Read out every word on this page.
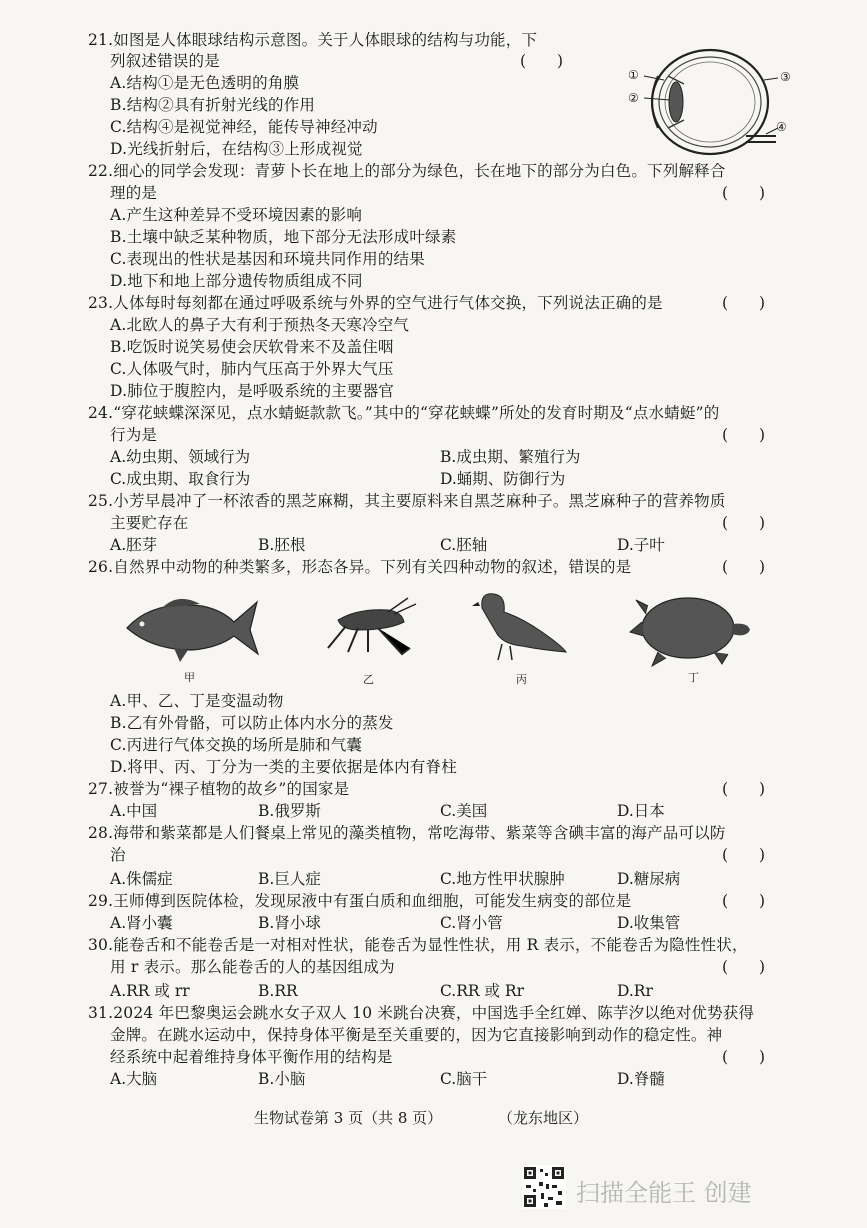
21.如图是人体眼球结构示意图。关于人体眼球的结构与功能，下
列叙述错误的是	(　　)
A.结构①是无色透明的角膜
B.结构②具有折射光线的作用
C.结构④是视觉神经，能传导神经冲动
D.光线折射后，在结构③上形成视觉
①
②
③
④
22.细心的同学会发现：青萝卜长在地上的部分为绿色，长在地下的部分为白色。下列解释合
理的是	(　　)
A.产生这种差异不受环境因素的影响
B.土壤中缺乏某种物质，地下部分无法形成叶绿素
C.表现出的性状是基因和环境共同作用的结果
D.地下和地上部分遗传物质组成不同
23.人体每时每刻都在通过呼吸系统与外界的空气进行气体交换，下列说法正确的是	(　　)
A.北欧人的鼻子大有利于预热冬天寒冷空气
B.吃饭时说笑易使会厌软骨来不及盖住咽
C.人体吸气时，肺内气压高于外界大气压
D.肺位于腹腔内，是呼吸系统的主要器官
24.“穿花蛱蝶深深见，点水蜻蜓款款飞。”其中的“穿花蛱蝶”所处的发育时期及“点水蜻蜓”的
行为是	(　　)
A.幼虫期、领域行为	B.成虫期、繁殖行为
C.成虫期、取食行为	D.蛹期、防御行为
25.小芳早晨冲了一杯浓香的黑芝麻糊，其主要原料来自黑芝麻种子。黑芝麻种子的营养物质
主要贮存在	(　　)
A.胚芽	B.胚根	C.胚轴	D.子叶
26.自然界中动物的种类繁多，形态各异。下列有关四种动物的叙述，错误的是	(　　)
甲	乙	丙	丁
A.甲、乙、丁是变温动物
B.乙有外骨骼，可以防止体内水分的蒸发
C.丙进行气体交换的场所是肺和气囊
D.将甲、丙、丁分为一类的主要依据是体内有脊柱
27.被誉为“裸子植物的故乡”的国家是	(　　)
A.中国	B.俄罗斯	C.美国	D.日本
28.海带和紫菜都是人们餐桌上常见的藻类植物，常吃海带、紫菜等含碘丰富的海产品可以防
治	(　　)
A.侏儒症	B.巨人症	C.地方性甲状腺肿	D.糖尿病
29.王师傅到医院体检，发现尿液中有蛋白质和血细胞，可能发生病变的部位是	(　　)
A.肾小囊	B.肾小球	C.肾小管	D.收集管
30.能卷舌和不能卷舌是一对相对性状，能卷舌为显性性状，用 R 表示，不能卷舌为隐性性状，
用 r 表示。那么能卷舌的人的基因组成为	(　　)
A.RR 或 rr	B.RR	C.RR 或 Rr	D.Rr
31.2024 年巴黎奥运会跳水女子双人 10 米跳台决赛，中国选手全红婵、陈芋汐以绝对优势获得
金牌。在跳水运动中，保持身体平衡是至关重要的，因为它直接影响到动作的稳定性。神
经系统中起着维持身体平衡作用的结构是	(　　)
A.大脑	B.小脑	C.脑干	D.脊髓
生物试卷第 3 页（共 8 页）	（龙东地区）
扫描全能王 创建
